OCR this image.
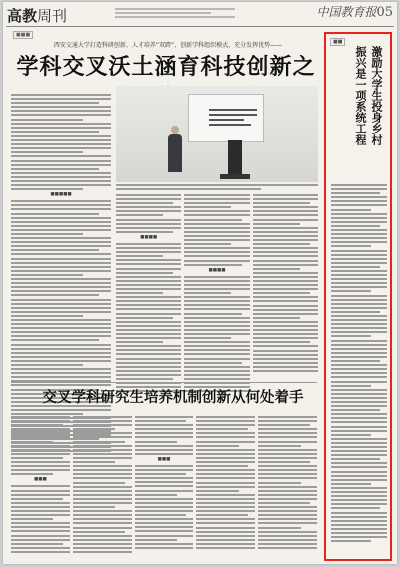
高教周刊	中国教育报05
■■■
西安交通大学打造科研创新、人才培养“双跨”、创新学科组织模式，充分发挥优势——
学科交叉沃土涵育科技创新之
■■■■■
■■■■
■■■■
交叉学科研究生培养机制创新从何处着手
■■■
■■■
■■
激励大学生投身乡村
振兴是一项系统工程
